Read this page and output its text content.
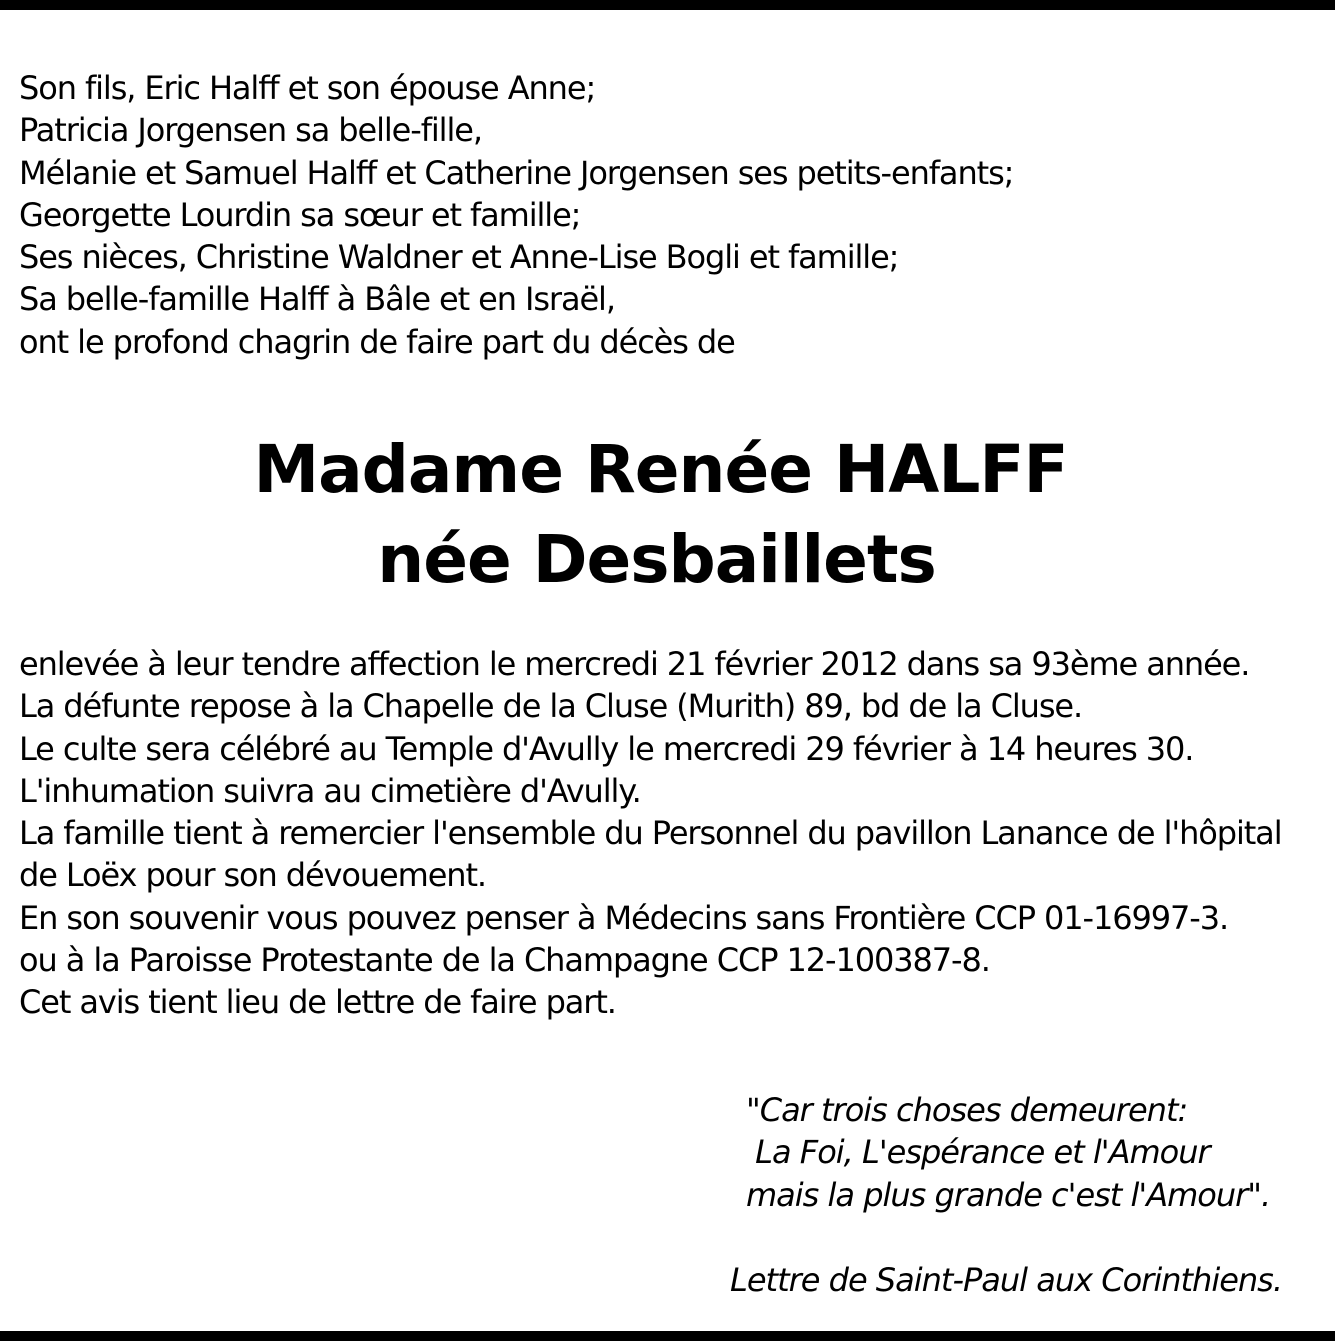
Son fils, Eric Halff et son épouse Anne;
Patricia Jorgensen sa belle-fille,
Mélanie et Samuel Halff et Catherine Jorgensen ses petits-enfants;
Georgette Lourdin sa sœur et famille;
Ses nièces, Christine Waldner et Anne-Lise Bogli et famille;
Sa belle-famille Halff à Bâle et en Israël,
ont le profond chagrin de faire part du décès de
Madame Renée HALFF
née Desbaillets
enlevée à leur tendre affection le mercredi 21 février 2012 dans sa 93ème année.
La défunte repose à la Chapelle de la Cluse (Murith) 89, bd de la Cluse.
Le culte sera célébré au Temple d'Avully le mercredi 29 février à 14 heures 30.
L'inhumation suivra au cimetière d'Avully.
La famille tient à remercier l'ensemble du Personnel du pavillon Lanance de l'hôpital
de Loëx pour son dévouement.
En son souvenir vous pouvez penser à Médecins sans Frontière CCP 01-16997-3.
ou à la Paroisse Protestante de la Champagne CCP 12-100387-8.
Cet avis tient lieu de lettre de faire part.
"Car trois choses demeurent:
La Foi, L'espérance et l'Amour
mais la plus grande c'est l'Amour".
Lettre de Saint-Paul aux Corinthiens.
